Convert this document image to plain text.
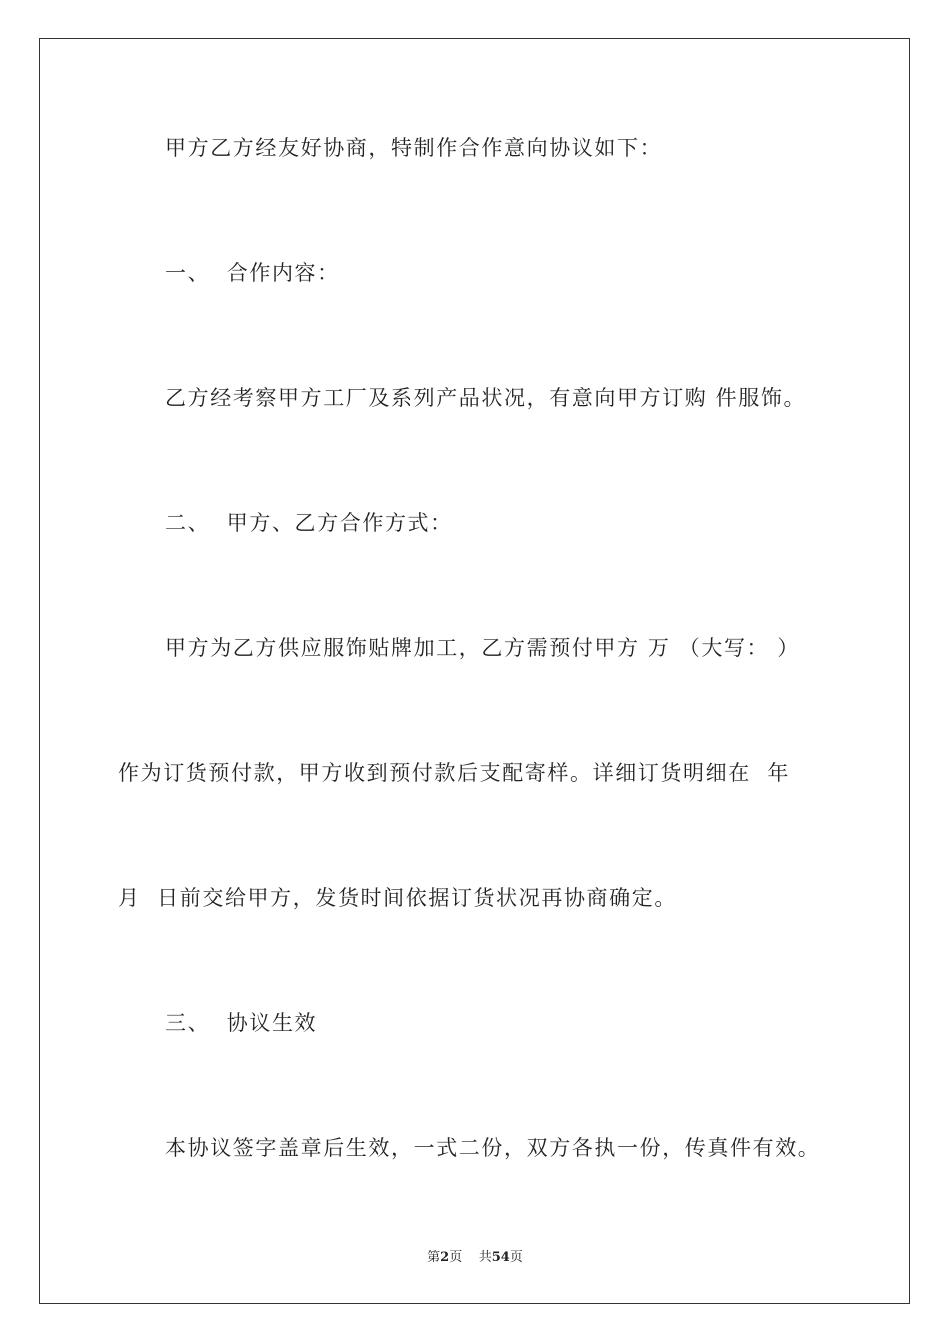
甲方乙方经友好协商，特制作合作意向协议如下：
一、  合作内容：
乙方经考察甲方工厂及系列产品状况，有意向甲方订购 件服饰。
二、  甲方、乙方合作方式：
甲方为乙方供应服饰贴牌加工，乙方需预付甲方 万 （大写： ）
作为订货预付款，甲方收到预付款后支配寄样。详细订货明细在  年
月  日前交给甲方，发货时间依据订货状况再协商确定。
三、  协议生效
本协议签字盖章后生效，一式二份，双方各执一份，传真件有效。
第2页 共54页
